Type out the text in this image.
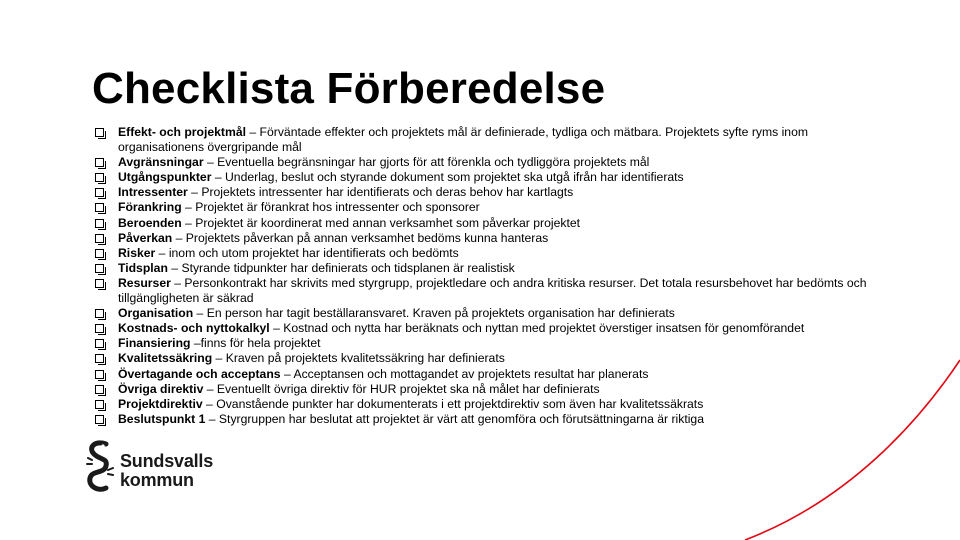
Checklista Förberedelse
Effekt- och projektmål – Förväntade effekter och projektets mål är definierade, tydliga och mätbara. Projektets syfte ryms inom organisationens övergripande mål
Avgränsningar – Eventuella begränsningar har gjorts för att förenkla och tydliggöra projektets mål
Utgångspunkter – Underlag, beslut och styrande dokument som projektet ska utgå ifrån har identifierats
Intressenter – Projektets intressenter har identifierats och deras behov har kartlagts
Förankring – Projektet är förankrat hos intressenter och sponsorer
Beroenden – Projektet är koordinerat med annan verksamhet som påverkar projektet
Påverkan – Projektets påverkan på annan verksamhet bedöms kunna hanteras
Risker – inom och utom projektet har identifierats och bedömts
Tidsplan – Styrande tidpunkter har definierats och tidsplanen är realistisk
Resurser – Personkontrakt har skrivits med styrgrupp, projektledare och andra kritiska resurser. Det totala resursbehovet har bedömts och tillgängligheten är säkrad
Organisation – En person har tagit beställaransvaret. Kraven på projektets organisation har definierats
Kostnads- och nyttokalkyl – Kostnad och nytta har beräknats och nyttan med projektet överstiger insatsen för genomförandet
Finansiering –finns för hela projektet
Kvalitetssäkring – Kraven på projektets kvalitetssäkring har definierats
Övertagande och acceptans – Acceptansen och mottagandet av projektets resultat har planerats
Övriga direktiv – Eventuellt övriga direktiv för HUR projektet ska nå målet har definierats
Projektdirektiv – Ovanstående punkter har dokumenterats i ett projektdirektiv som även har kvalitetssäkrats
Beslutspunkt 1 – Styrgruppen har beslutat att projektet är värt att genomföra och förutsättningarna är riktiga
Sundsvalls
kommun
